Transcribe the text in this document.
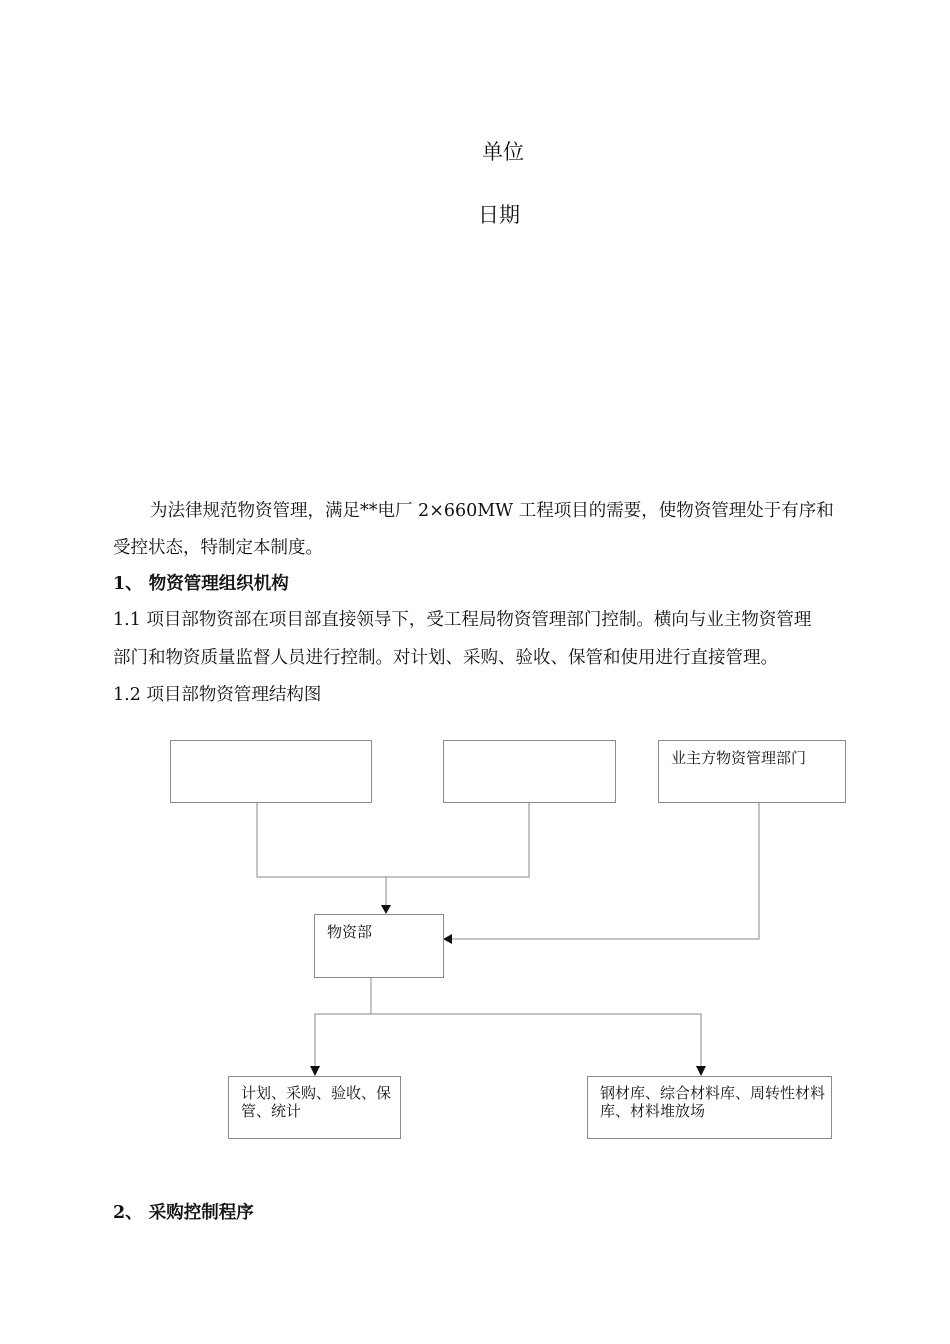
单位
日期
为法律规范物资管理，满足**电厂 2×660MW 工程项目的需要，使物资管理处于有序和
受控状态，特制定本制度。
1、 物资管理组织机构
1.1 项目部物资部在项目部直接领导下，受工程局物资管理部门控制。横向与业主物资管理
部门和物资质量监督人员进行控制。对计划、采购、验收、保管和使用进行直接管理。
1.2 项目部物资管理结构图
业主方物资管理部门
物资部
计划、采购、验收、保管、统计
钢材库、综合材料库、周转性材料库、材料堆放场
2、 采购控制程序
